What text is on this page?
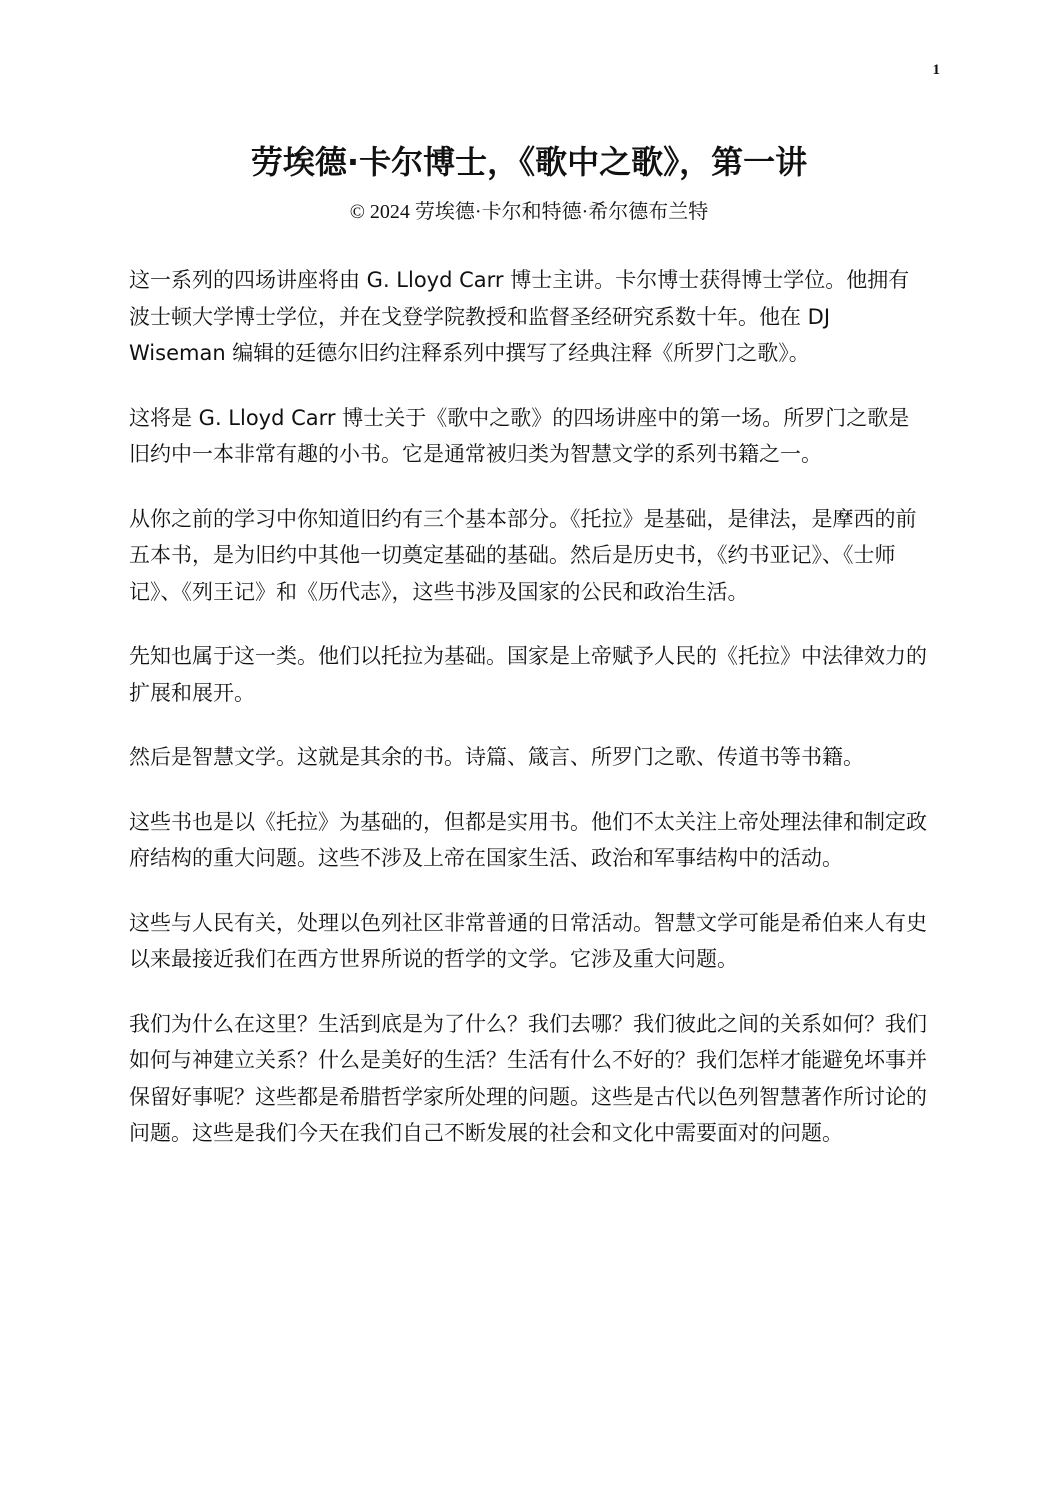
1
劳埃德·卡尔博士，《歌中之歌》，第一讲
© 2024 劳埃德·卡尔和特德·希尔德布兰特

这一系列的四场讲座将由 G. Lloyd Carr 博士主讲。卡尔博士获得博士学位。他拥有波士顿大学博士学位，并在戈登学院教授和监督圣经研究系数十年。他在 DJ Wiseman 编辑的廷德尔旧约注释系列中撰写了经典注释《所罗门之歌》。

这将是 G. Lloyd Carr 博士关于《歌中之歌》的四场讲座中的第一场。所罗门之歌是旧约中一本非常有趣的小书。它是通常被归类为智慧文学的系列书籍之一。

从你之前的学习中你知道旧约有三个基本部分。《托拉》是基础，是律法，是摩西的前五本书，是为旧约中其他一切奠定基础的基础。然后是历史书，《约书亚记》、《士师记》、《列王记》和《历代志》，这些书涉及国家的公民和政治生活。

先知也属于这一类。他们以托拉为基础。国家是上帝赋予人民的《托拉》中法律效力的扩展和展开。

然后是智慧文学。这就是其余的书。诗篇、箴言、所罗门之歌、传道书等书籍。

这些书也是以《托拉》为基础的，但都是实用书。他们不太关注上帝处理法律和制定政府结构的重大问题。这些不涉及上帝在国家生活、政治和军事结构中的活动。

这些与人民有关，处理以色列社区非常普通的日常活动。智慧文学可能是希伯来人有史以来最接近我们在西方世界所说的哲学的文学。它涉及重大问题。

我们为什么在这里？生活到底是为了什么？我们去哪？我们彼此之间的关系如何？我们如何与神建立关系？什么是美好的生活？生活有什么不好的？我们怎样才能避免坏事并保留好事呢？这些都是希腊哲学家所处理的问题。这些是古代以色列智慧著作所讨论的问题。这些是我们今天在我们自己不断发展的社会和文化中需要面对的问题。
